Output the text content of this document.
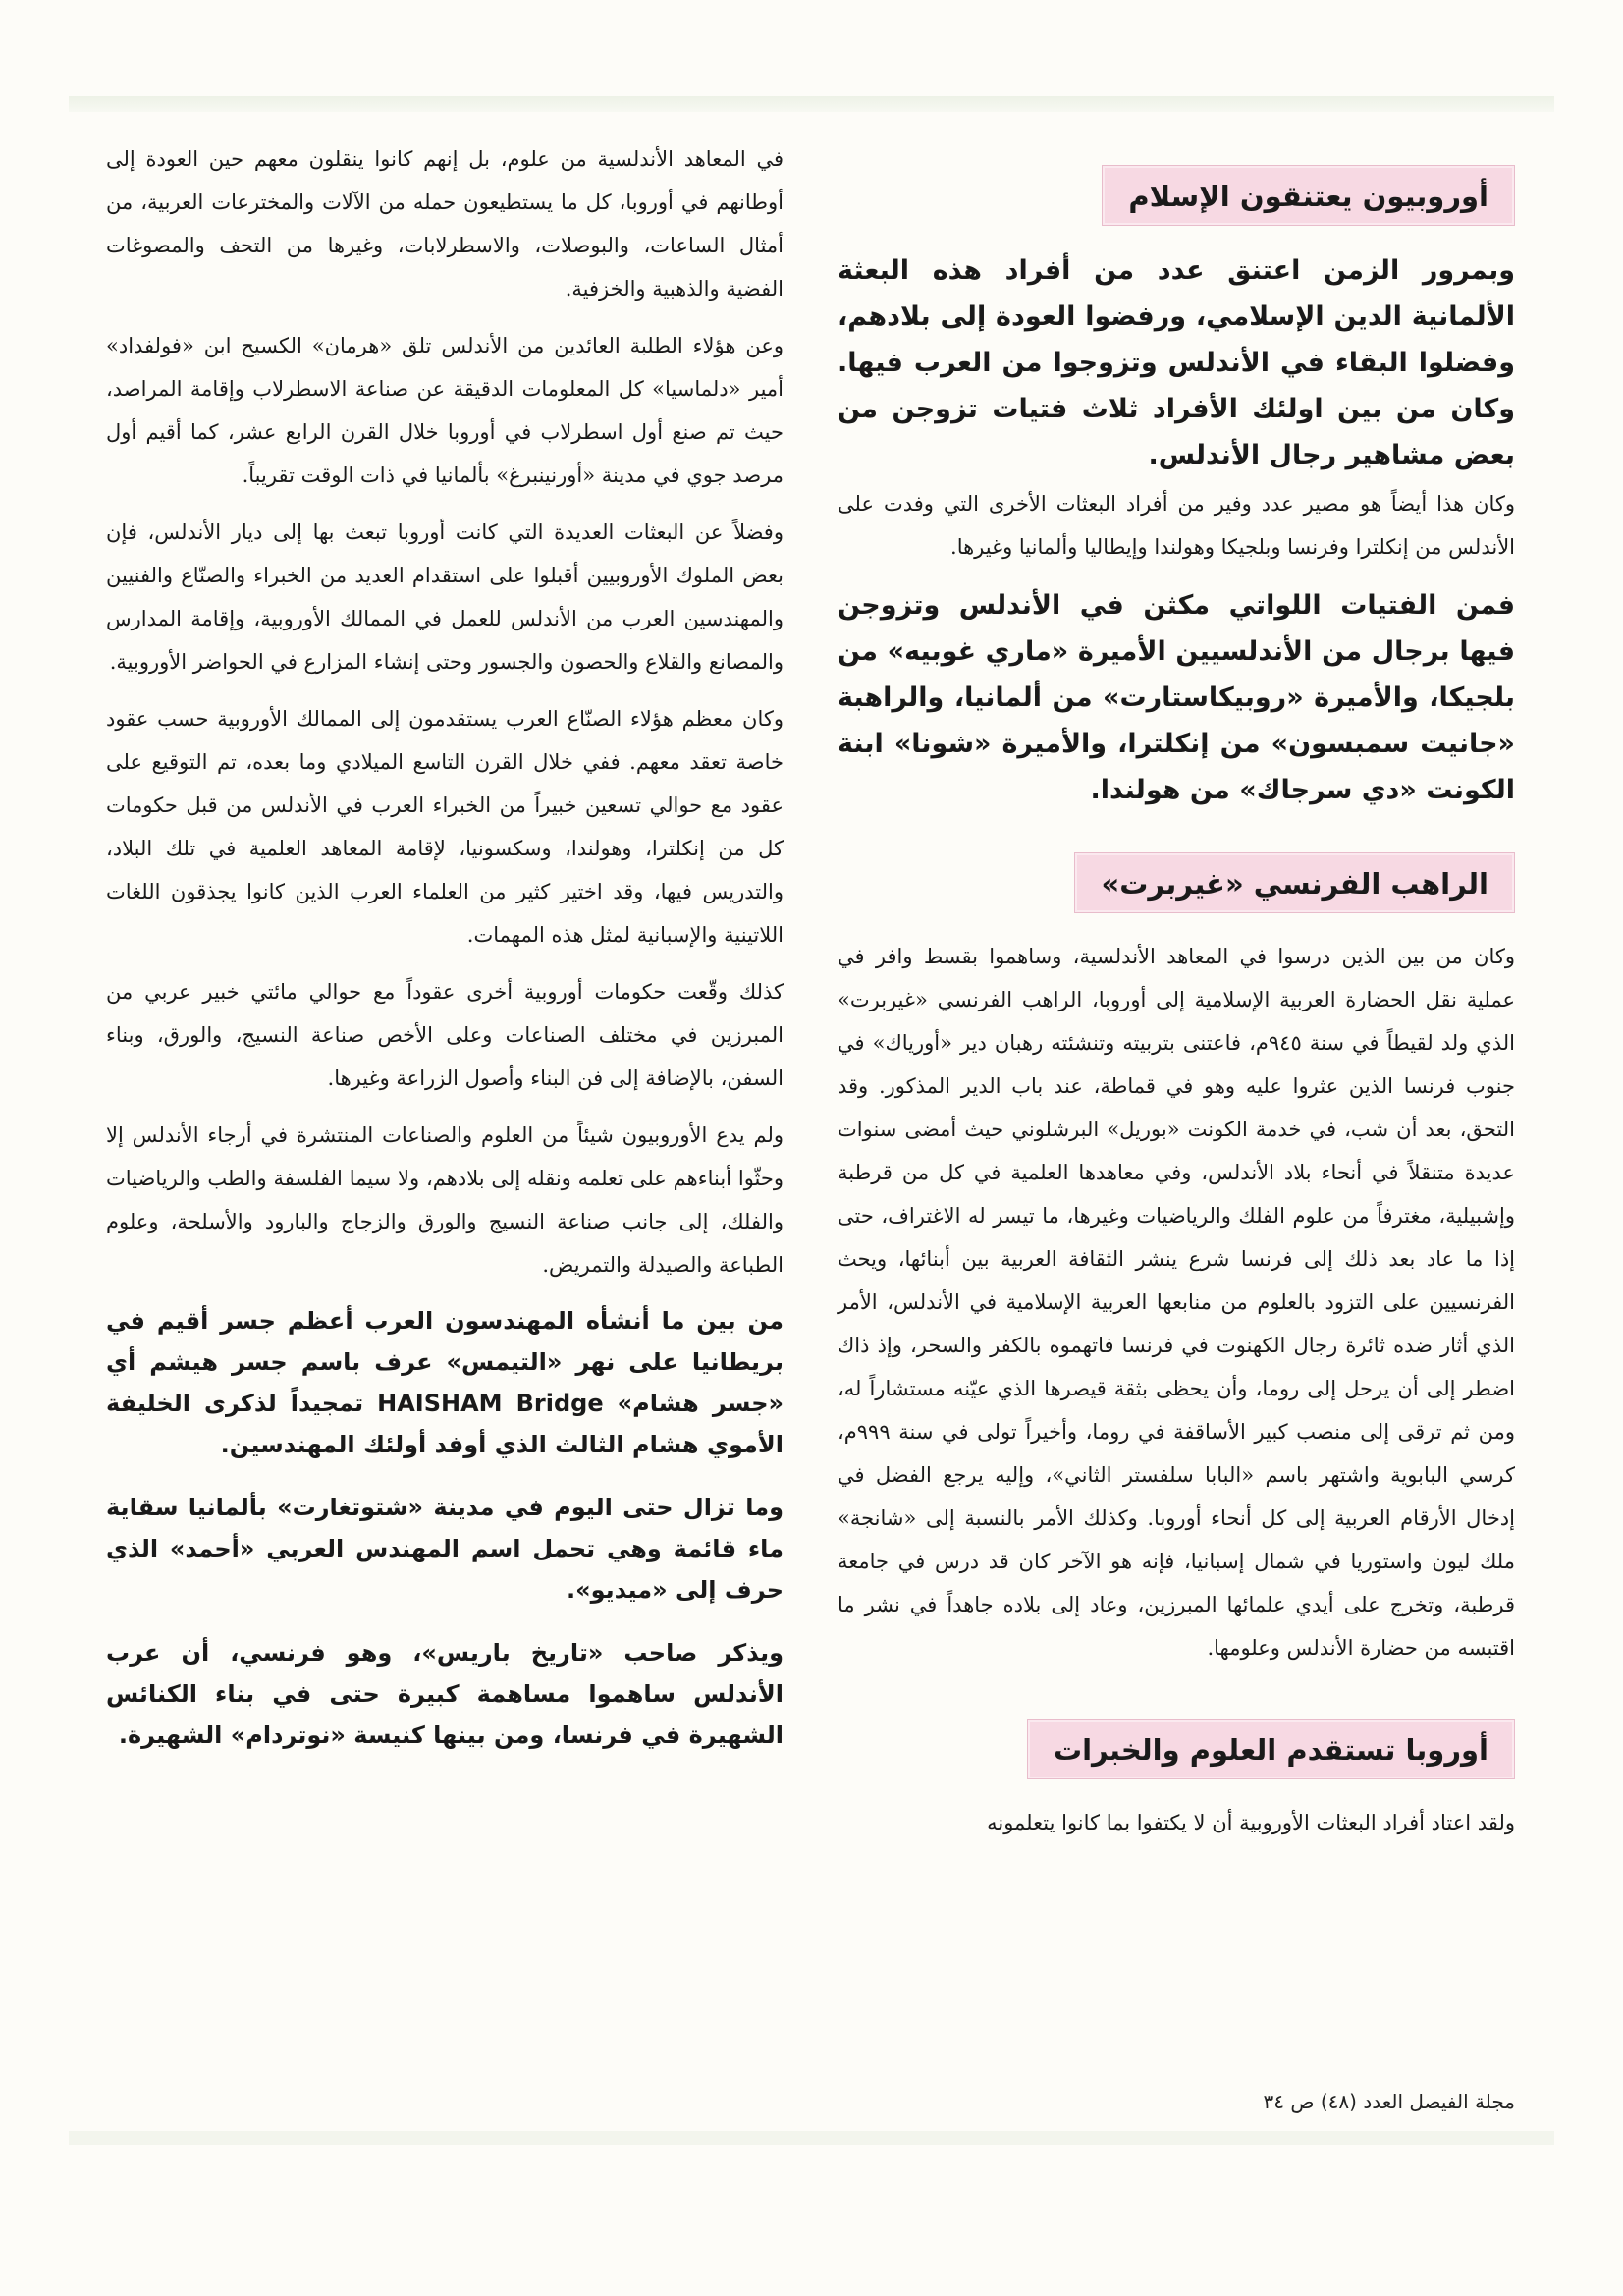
أوروبيون يعتنقون الإسلام

وبمرور الزمن اعتنق عدد من أفراد هذه البعثة الألمانية الدين الإسلامي، ورفضوا العودة إلى بلادهم، وفضلوا البقاء في الأندلس وتزوجوا من العرب فيها. وكان من بين اولئك الأفراد ثلاث فتيات تزوجن من بعض مشاهير رجال الأندلس.

وكان هذا أيضاً هو مصير عدد وفير من أفراد البعثات الأخرى التي وفدت على الأندلس من إنكلترا وفرنسا وبلجيكا وهولندا وإيطاليا وألمانيا وغيرها.

فمن الفتيات اللواتي مكثن في الأندلس وتزوجن فيها برجال من الأندلسيين الأميرة «ماري غوبيه» من بلجيكا، والأميرة «روبيكاستارت» من ألمانيا، والراهبة «جانيت سمبسون» من إنكلترا، والأميرة «شونا» ابنة الكونت «دي سرجاك» من هولندا.

الراهب الفرنسي «غيربرت»

وكان من بين الذين درسوا في المعاهد الأندلسية، وساهموا بقسط وافر في عملية نقل الحضارة العربية الإسلامية إلى أوروبا، الراهب الفرنسي «غيربرت» الذي ولد لقيطاً في سنة ٩٤٥م، فاعتنى بتربيته وتنشئته رهبان دير «أورياك» في جنوب فرنسا الذين عثروا عليه وهو في قماطة، عند باب الدير المذكور. وقد التحق، بعد أن شب، في خدمة الكونت «بوريل» البرشلوني حيث أمضى سنوات عديدة متنقلاً في أنحاء بلاد الأندلس، وفي معاهدها العلمية في كل من قرطبة وإشبيلية، مغترفاً من علوم الفلك والرياضيات وغيرها، ما تيسر له الاغتراف، حتى إذا ما عاد بعد ذلك إلى فرنسا شرع ينشر الثقافة العربية بين أبنائها، ويحث الفرنسيين على التزود بالعلوم من منابعها العربية الإسلامية في الأندلس، الأمر الذي أثار ضده ثائرة رجال الكهنوت في فرنسا فاتهموه بالكفر والسحر، وإذ ذاك اضطر إلى أن يرحل إلى روما، وأن يحظى بثقة قيصرها الذي عيّنه مستشاراً له، ومن ثم ترقى إلى منصب كبير الأساقفة في روما، وأخيراً تولى في سنة ٩٩٩م، كرسي البابوية واشتهر باسم «البابا سلفستر الثاني»، وإليه يرجع الفضل في إدخال الأرقام العربية إلى كل أنحاء أوروبا. وكذلك الأمر بالنسبة إلى «شانجة» ملك ليون واستوريا في شمال إسبانيا، فإنه هو الآخر كان قد درس في جامعة قرطبة، وتخرج على أيدي علمائها المبرزين، وعاد إلى بلاده جاهداً في نشر ما اقتبسه من حضارة الأندلس وعلومها.

أوروبا تستقدم العلوم والخبرات

ولقد اعتاد أفراد البعثات الأوروبية أن لا يكتفوا بما كانوا يتعلمونه

في المعاهد الأندلسية من علوم، بل إنهم كانوا ينقلون معهم حين العودة إلى أوطانهم في أوروبا، كل ما يستطيعون حمله من الآلات والمخترعات العربية، من أمثال الساعات، والبوصلات، والاسطرلابات، وغيرها من التحف والمصوغات الفضية والذهبية والخزفية.

وعن هؤلاء الطلبة العائدين من الأندلس تلق «هرمان» الكسيح ابن «فولفداد» أمير «دلماسيا» كل المعلومات الدقيقة عن صناعة الاسطرلاب وإقامة المراصد، حيث تم صنع أول اسطرلاب في أوروبا خلال القرن الرابع عشر، كما أقيم أول مرصد جوي في مدينة «أورنينبرغ» بألمانيا في ذات الوقت تقريباً.

وفضلاً عن البعثات العديدة التي كانت أوروبا تبعث بها إلى ديار الأندلس، فإن بعض الملوك الأوروبيين أقبلوا على استقدام العديد من الخبراء والصنّاع والفنيين والمهندسين العرب من الأندلس للعمل في الممالك الأوروبية، وإقامة المدارس والمصانع والقلاع والحصون والجسور وحتى إنشاء المزارع في الحواضر الأوروبية.

وكان معظم هؤلاء الصنّاع العرب يستقدمون إلى الممالك الأوروبية حسب عقود خاصة تعقد معهم. ففي خلال القرن التاسع الميلادي وما بعده، تم التوقيع على عقود مع حوالي تسعين خبيراً من الخبراء العرب في الأندلس من قبل حكومات كل من إنكلترا، وهولندا، وسكسونيا، لإقامة المعاهد العلمية في تلك البلاد، والتدريس فيها، وقد اختير كثير من العلماء العرب الذين كانوا يجذقون اللغات اللاتينية والإسبانية لمثل هذه المهمات.

كذلك وقّعت حكومات أوروبية أخرى عقوداً مع حوالي مائتي خبير عربي من المبرزين في مختلف الصناعات وعلى الأخص صناعة النسيج، والورق، وبناء السفن، بالإضافة إلى فن البناء وأصول الزراعة وغيرها.

ولم يدع الأوروبيون شيئاً من العلوم والصناعات المنتشرة في أرجاء الأندلس إلا وحثّوا أبناءهم على تعلمه ونقله إلى بلادهم، ولا سيما الفلسفة والطب والرياضيات والفلك، إلى جانب صناعة النسيج والورق والزجاج والبارود والأسلحة، وعلوم الطباعة والصيدلة والتمريض.

من بين ما أنشأه المهندسون العرب أعظم جسر أقيم في بريطانيا على نهر «التيمس» عرف باسم جسر هيشم أي «جسر هشام» HAISHAM Bridge تمجيداً لذكرى الخليفة الأموي هشام الثالث الذي أوفد أولئك المهندسين.

وما تزال حتى اليوم في مدينة «شتوتغارت» بألمانيا سقاية ماء قائمة وهي تحمل اسم المهندس العربي «أحمد» الذي حرف إلى «ميديو».

ويذكر صاحب «تاريخ باريس»، وهو فرنسي، أن عرب الأندلس ساهموا مساهمة كبيرة حتى في بناء الكنائس الشهيرة في فرنسا، ومن بينها كنيسة «نوتردام» الشهيرة.

مجلة الفيصل العدد (٤٨) ص ٣٤
